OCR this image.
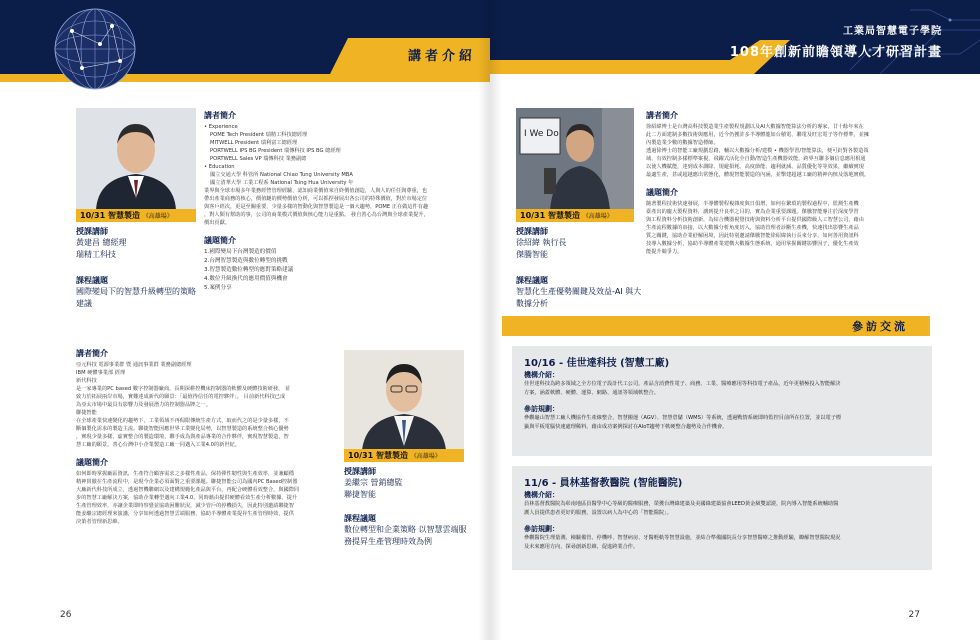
講者介紹
10/31 智慧製造 《高雄場》
授課講師
黃建昌 總經理
瑞精工科技
課程議題
國際變局下的智慧升級轉型的策略
建議
講者簡介
• Experience
POME Tech President 瑞精工科技總經理
MITWELL President 瑞利富工總經理
PORTWELL IPS BG President 瑞傳科技 IPS BG 總經理
PORTWELL Sales VP 瑞傳科技 業務副總
• Education
國立交通大學 科管所 National Chiao Tung University MBA
國立清華大學 工業工程系 National Tsing Hua University 年
業界與全球市場多年業務經營管理經驗，認知商業價值來自終價值創造，人與人的任任與尊重，也
帶出產業商務的核心，價值鏈的價勢價值分析，可以抓捏發展出各公司的特殊價值，對於市場定位
與客戶經次，更是至關重要，少量多樣的智動化與智慧製造是一個大趨勢，POME 正在做這件有趣
，對人類有幫助的事，公司的商業模式價值與核心能力是重點。 發自善心為台灣與全球產業提升，
價出貢獻。
議題簡介
1.國際變局下台灣製造的價值
2.台灣智慧製造與數位轉型的挑戰
3.智慧製造數位轉型的應對策略建議
4.數位升級換代的應用價值與機會
5.案例分享
講者簡介
亞元科技 電源事業群 暨 通訊事業群 業務副總經理
IBM 硬體事業部 經理
新代科技
是一家專業的PC based 數字控制器廠商，長期深耕控機床控制器的軟體及硬體技術研發， 並
致力於拓展兩岸市場，實難達成新代的願景：「最值得信任的電控夥伴」。 目前新代科技已成
為亞太市場中最具有影響力及發展潛力的控制器品牌之一。
聯捷智能
在全球產業快速變化的趨勢下，工業領域不再侷限傳統生產方式，取而代之的是少量多樣，不
斷個製化需求的製造主流。聯捷智能因應世界工業變化局勢，以智慧製造的系統整合核心優勢
，實現少量多樣，虛實整合的製造環境，聯手成為與產品專業的合作夥伴，實現智慧製造，智
慧工廠的願景。善心台灣中小企業製造工廠一同邁入工業4.0的新世紀。
議題簡介
如何即時掌握廠區資訊，生產符合顧客需求之多樣性產品，保持彈性韌性與生產效率，並兼顧穩
精神貫徹在生產流程中，是現今企業必須面對之重要課題。聯捷智能公司為國內PC Based控制器
大廠新代科技所成立，透過智機聯網以及建構規範化產品與平台，再配合硬體看效整合，與國際同
步的智慧工廠解決方案，協助企業轉型邁向工業4.0。同時藉由提供硬體看效生產分析數據，提升
生產管理效率，亦讓企業即時察覺並協助困難狀況，減少管戶的停機損失，因此特別邀請聯捷智
能姜繼宗總經理來演講，分享如何透過智慧雲端服務，協助半導體產業提昇生產管理時效，提供
決策者管理新思維。
10/31 智慧製造 《高雄場》
授課講師
姜繼宗 營銷總監
聯捷智能
課程議題
數位轉型和企業策略 以智慧雲端服
務提昇生產管理時效為例
26
工業局智慧電子學院
108年創新前瞻領導人才研習計畫
I We Do
10/31 智慧製造 《高雄場》
授課講師
徐紹緯 執行長
傑騰智能
課程議題
智慧化生產優勢關鍵及效益-AI 與大
數據分析
講者簡介
徐紹緯博士是台灣高科技製造業生產製程規劃以及AI大數據智能算法分析的專家，廿十餘年來在
此二方面建制多數技術與應用，近今仍獲許多半導體龍如台積電、聯電及旺宏電子等作標準，並擁
內製造業少數的數據智造標師。
透過徐博士的智能工廠規劃思路，輔以大數據分析/建模 • 機器學習/智能算法，便可針對各製造領
域、有效控制多樣標準案視，飛躍式活化全自動/智造生產機器效能，跨界互聯多個信息應用相通
以使人機賦能，達到成本調降、規避損耗、高度節能、趨利就減、品質優化等等效果，繼續實現
最適生產，甚或超越應出常態化，體現智能製造的內涵，並擊建超越工廠的精神內核及落地實價。
議題簡介
隨著製程技術快速發展，半導體製程複雜度與日俱增，如何在繁瑣的製程過程中，監測生產機
臺產出的龐大製程資料，講到提升良率之目的，實為企業重要課題。傑騰智能專注於深度學習
與工程資料分析技術創新，為結合機器視覺技術與資料分析平台提供國際級人工智慧公司，藉由
生產流程數據的串接，以大數據分析角度切入，協助管理者診斷生產機，快速找出影響生產品
質之關鍵，協助企業紓解困境，因此特別邀請傑騰智能徐紹緯執行長來分享，如何善用資訊科
技導入數據分析，協助半導體產業建構大數據生態系統，通用掌握關鍵影響因子，優化生產效
能提升競爭力。
27
參訪交流
10/16 - 佳世達科技 (智慧工廠)
機構介紹：
佳世達科技為跨多領域之全方位電子設計代工公司，產品含消費性電子、商務、工業、醫療應用等科技電子產品，近年更積極投入智能解決
方案，涵蓋軟體、硬體、運算、網路、通訊等領域軟整合。
參訪規劃：
參觀龜山智慧工廠人機協作生產線整合，智慧搬運（AGV）、智慧倉儲（WMS）等系統，透過戰情系統即時監控目前所在位置，並以電子標
籤與平板電腦快速處理稀料，藉由成功案例探討在AIoT趨勢下軟硬整合趨勢及合作機會。
11/6 - 員林基督教醫院 (智能醫院)
機構介紹：
員林基督教醫院為彰南地區員醫學中心等級的醫療服務，榮獲台灣綠建築及美國綠建築協會LEED黃金級雙認證，院內導入智能系統輔助醫
護人員提供患者更好的服務，設置以病人為中心的「智能醫院」。
參訪規劃：
參觀醫院生理量測、檢驗備管、停機呼、智慧病房、牙醫輕軌等智慧設施，並結合準備國院長分享智慧醫療之推動經驗，瞭解智慧醫院現況
及未來應用方向，探尋創新思維，促進跨業合作。
